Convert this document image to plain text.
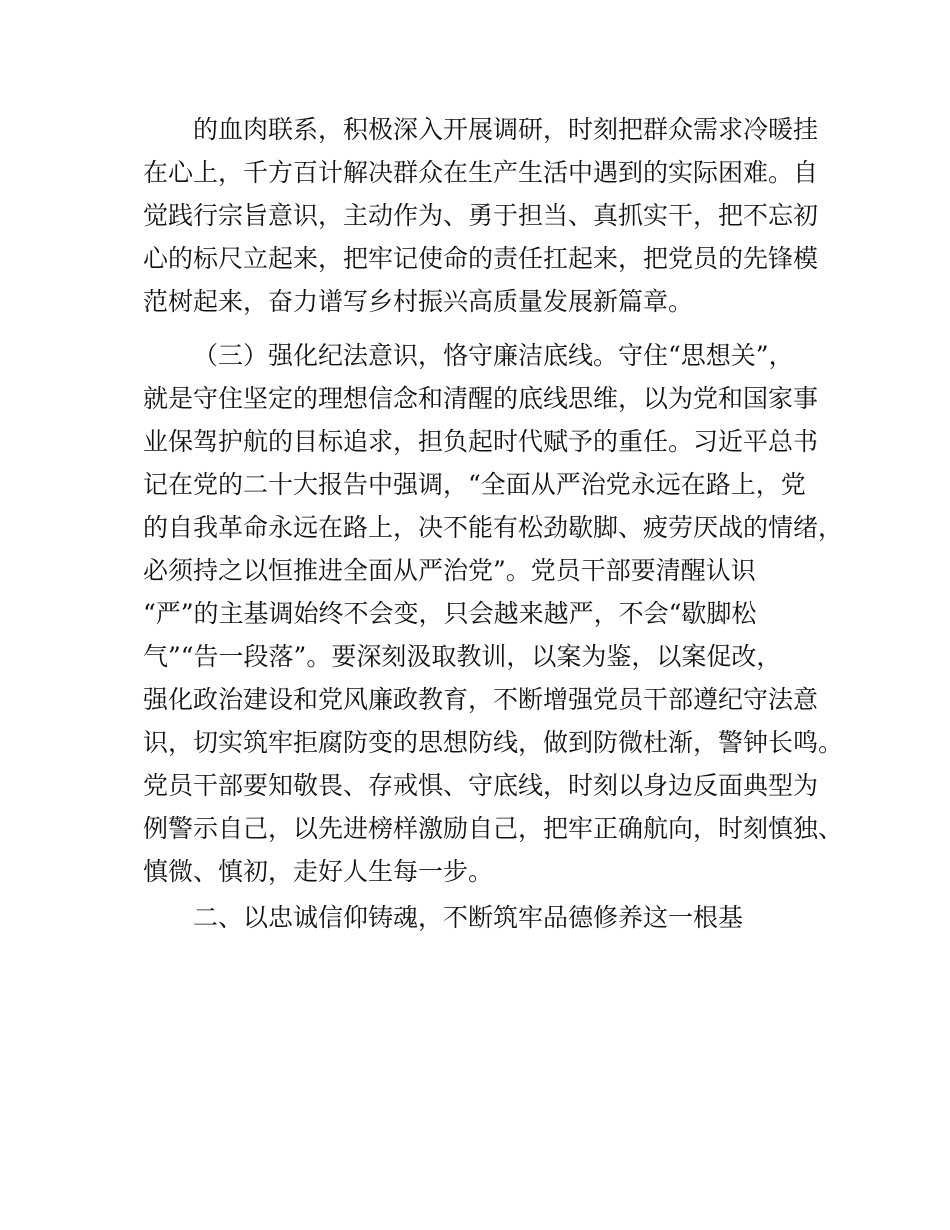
的血肉联系，积极深入开展调研，时刻把群众需求冷暖挂
在心上，千方百计解决群众在生产生活中遇到的实际困难。自
觉践行宗旨意识，主动作为、勇于担当、真抓实干，把不忘初
心的标尺立起来，把牢记使命的责任扛起来，把党员的先锋模
范树起来，奋力谱写乡村振兴高质量发展新篇章。
（三）强化纪法意识，恪守廉洁底线。守住“思想关”，
就是守住坚定的理想信念和清醒的底线思维，以为党和国家事
业保驾护航的目标追求，担负起时代赋予的重任。习近平总书
记在党的二十大报告中强调，“全面从严治党永远在路上，党
的自我革命永远在路上，决不能有松劲歇脚、疲劳厌战的情绪，
必须持之以恒推进全面从严治党”。党员干部要清醒认识
“严”的主基调始终不会变，只会越来越严，不会“歇脚松
气”“告一段落”。要深刻汲取教训，以案为鉴，以案促改，
强化政治建设和党风廉政教育，不断增强党员干部遵纪守法意
识，切实筑牢拒腐防变的思想防线，做到防微杜渐，警钟长鸣。
党员干部要知敬畏、存戒惧、守底线，时刻以身边反面典型为
例警示自己，以先进榜样激励自己，把牢正确航向，时刻慎独、
慎微、慎初，走好人生每一步。
二、以忠诚信仰铸魂，不断筑牢品德修养这一根基
